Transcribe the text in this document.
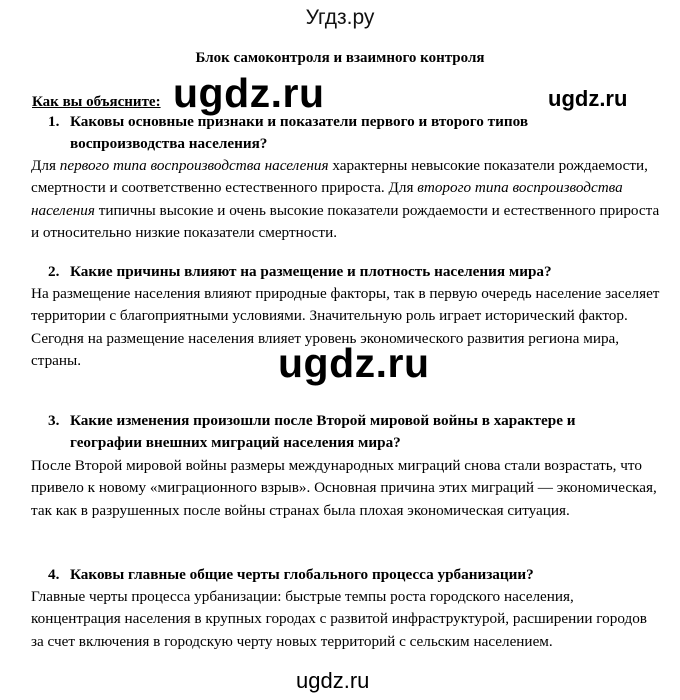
Угдз.ру
Блок самоконтроля и взаимного контроля
Как вы объясните: ugdz.ru	ugdz.ru
ugdz.ru
ugdz.ru
1. Каковы основные признаки и показатели первого и второго типов
воспроизводства населения?
Для первого типа воспроизводства населения характерны невысокие показатели рождаемости, смертности и соответственно естественного прироста. Для второго типа воспроизводства населения типичны высокие и очень высокие показатели рождаемости и естественного прироста и относительно низкие показатели смертности.
2. Какие причины влияют на размещение и плотность населения мира?
На размещение населения влияют природные факторы, так в первую очередь население заселяет территории с благоприятными условиями. Значительную роль играет исторический фактор. Сегодня на размещение населения влияет уровень экономического развития региона мира, страны.
3. Какие изменения произошли после Второй мировой войны в характере и
географии внешних миграций населения мира?
После Второй мировой войны размеры международных миграций снова стали возрастать, что привело к новому «миграционного взрыв». Основная причина этих миграций — экономическая, так как в разрушенных после войны странах была плохая экономическая ситуация.
4. Каковы главные общие черты глобального процесса урбанизации?
Главные черты процесса урбанизации: быстрые темпы роста городского населения, концентрация населения в крупных городах с развитой инфраструктурой, расширении городов за счет включения в городскую черту новых территорий с сельским населением.
